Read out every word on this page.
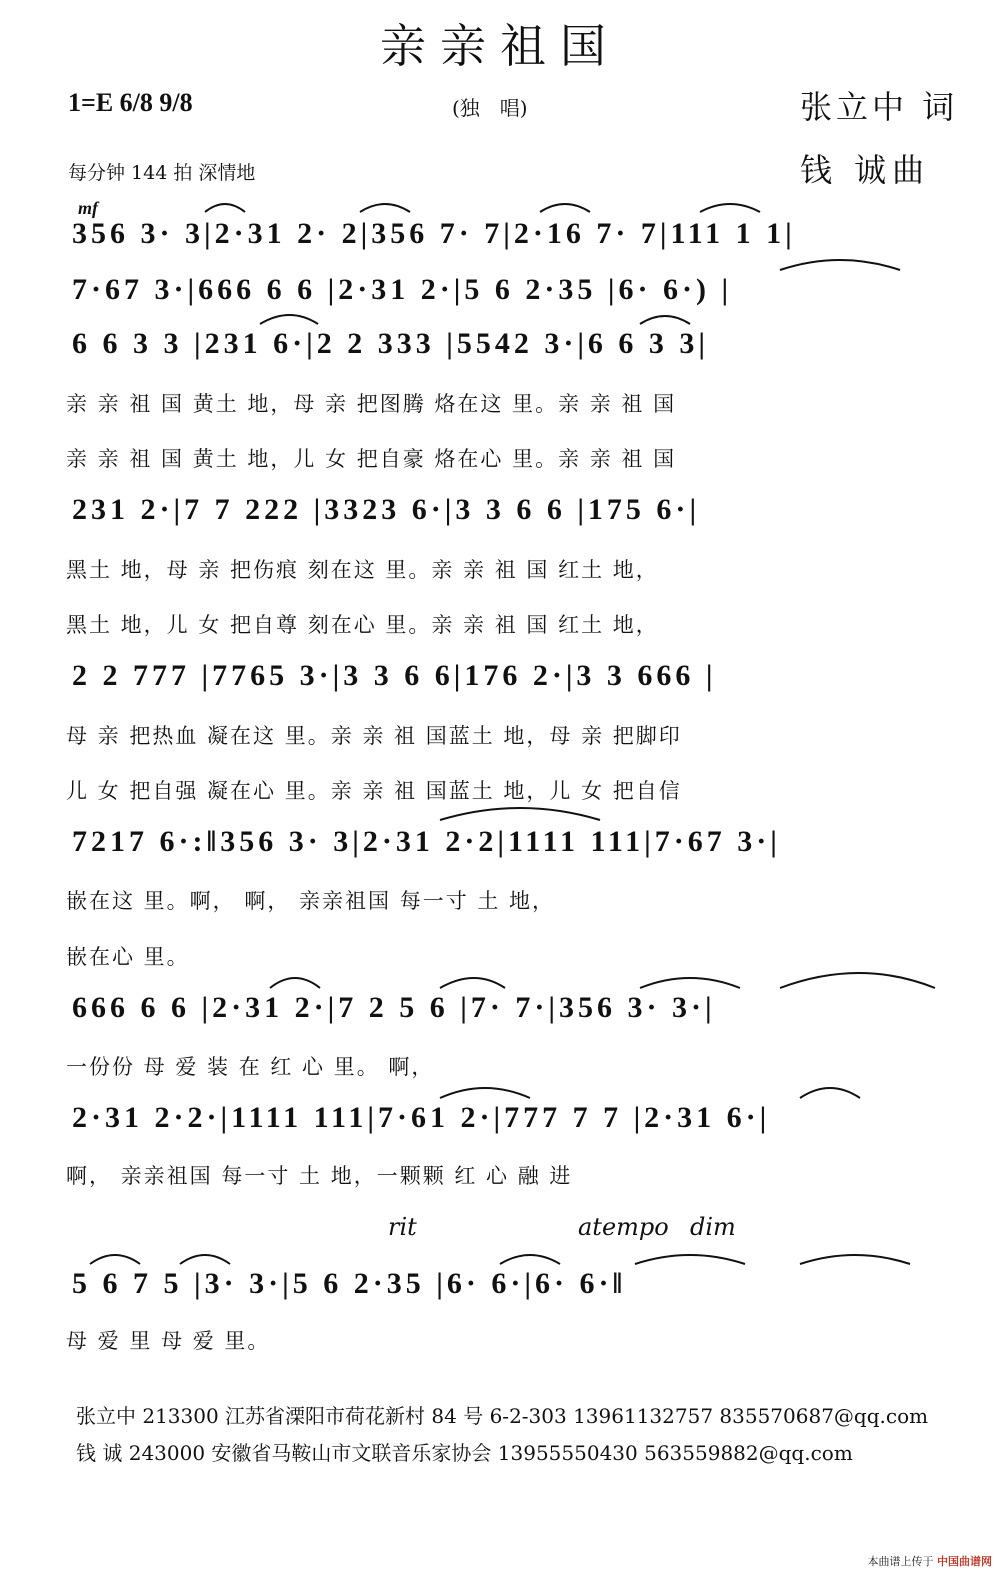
亲亲祖国
1=E 6/8 9/8	(独　唱)	张立中 词
钱 诚曲
每分钟 144 拍 深情地
mf
356 3· 3|2·31 2· 2|356 7· 7|2·16 7· 7|111 1 1|
7·67 3·|666 6 6 |2·31 2·|5 6 2·35 |6· 6·) |
6 6 3 3 |231 6·|2 2 333 |5542 3·|6 6 3 3|
亲 亲 祖 国 黄土 地，母 亲 把图腾 烙在这 里。亲 亲 祖 国
亲 亲 祖 国 黄土 地，儿 女 把自豪 烙在心 里。亲 亲 祖 国
231 2·|7 7 222 |3323 6·|3 3 6 6 |175 6·|
黑土 地，母 亲 把伤痕 刻在这 里。亲 亲 祖 国 红土 地，
黑土 地，儿 女 把自尊 刻在心 里。亲 亲 祖 国 红土 地，
2 2 777 |7765 3·|3 3 6 6|176 2·|3 3 666 |
母 亲 把热血 凝在这 里。亲 亲 祖 国蓝土 地，母 亲 把脚印
儿 女 把自强 凝在心 里。亲 亲 祖 国蓝土 地，儿 女 把自信
7217 6·:‖356 3· 3|2·31 2·2|1111 111|7·67 3·|
嵌在这 里。啊， 啊， 亲亲祖国 每一寸 土 地，
嵌在心 里。
666 6 6 |2·31 2·|7 2 5 6 |7· 7·|356 3· 3·|
一份份 母 爱 装 在 红 心 里。 啊，
2·31 2·2·|1111 111|7·61 2·|777 7 7 |2·31 6·|
啊， 亲亲祖国 每一寸 土 地，一颗颗 红 心 融 进
rit	atempo dim
5 6 7 5 |3· 3·|5 6 2·35 |6· 6·|6· 6·‖
母 爱 里 母 爱 里。
张立中 213300 江苏省溧阳市荷花新村 84 号 6-2-303 13961132757 835570687@qq.com
钱 诚 243000 安徽省马鞍山市文联音乐家协会 13955550430 563559882@qq.com
本曲谱上传于 中国曲谱网
